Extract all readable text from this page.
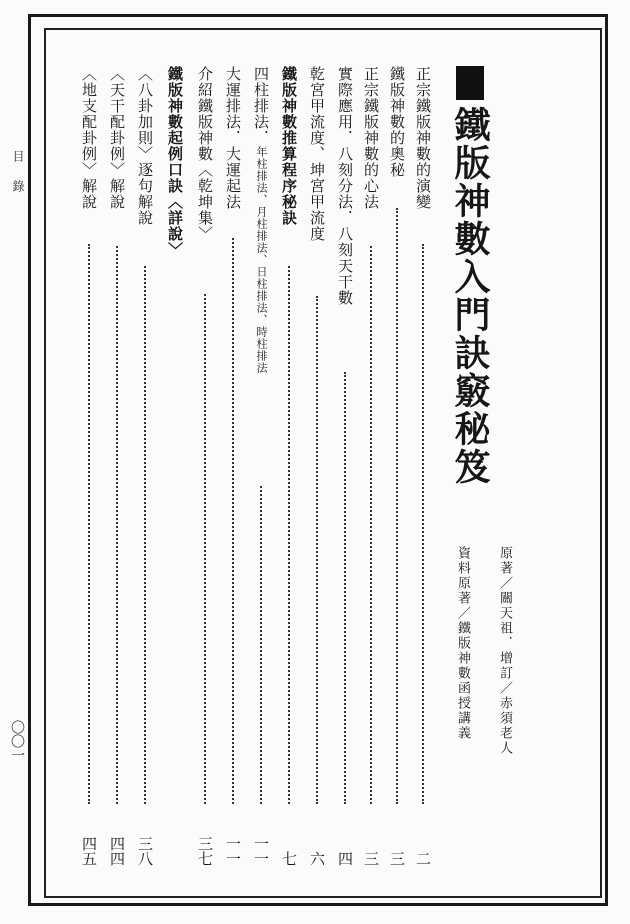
目
錄
〇〇一
鐵版神數入門訣竅秘笈
原著／關天祖．增訂／赤須老人
資料原著／鐵版神數函授講義
正宗鐵版神數的演變
二
鐵版神數的奧秘
三
正宗鐵版神數的心法
三
實際應用．八刻分法．八刻天干數
四
乾宮甲流度、坤宮甲流度
六
鐵版神數推算程序秘訣
七
四柱排法．年柱排法、月柱排法、日柱排法、時柱排法
一一
大運排法．大運起法
一一
介紹鐵版神數〈乾坤集〉
三七
鐵版神數起例口訣〈詳說〉
〈八卦加則〉逐句解說
三八
〈天干配卦例〉解說
四四
〈地支配卦例〉解說
四五
